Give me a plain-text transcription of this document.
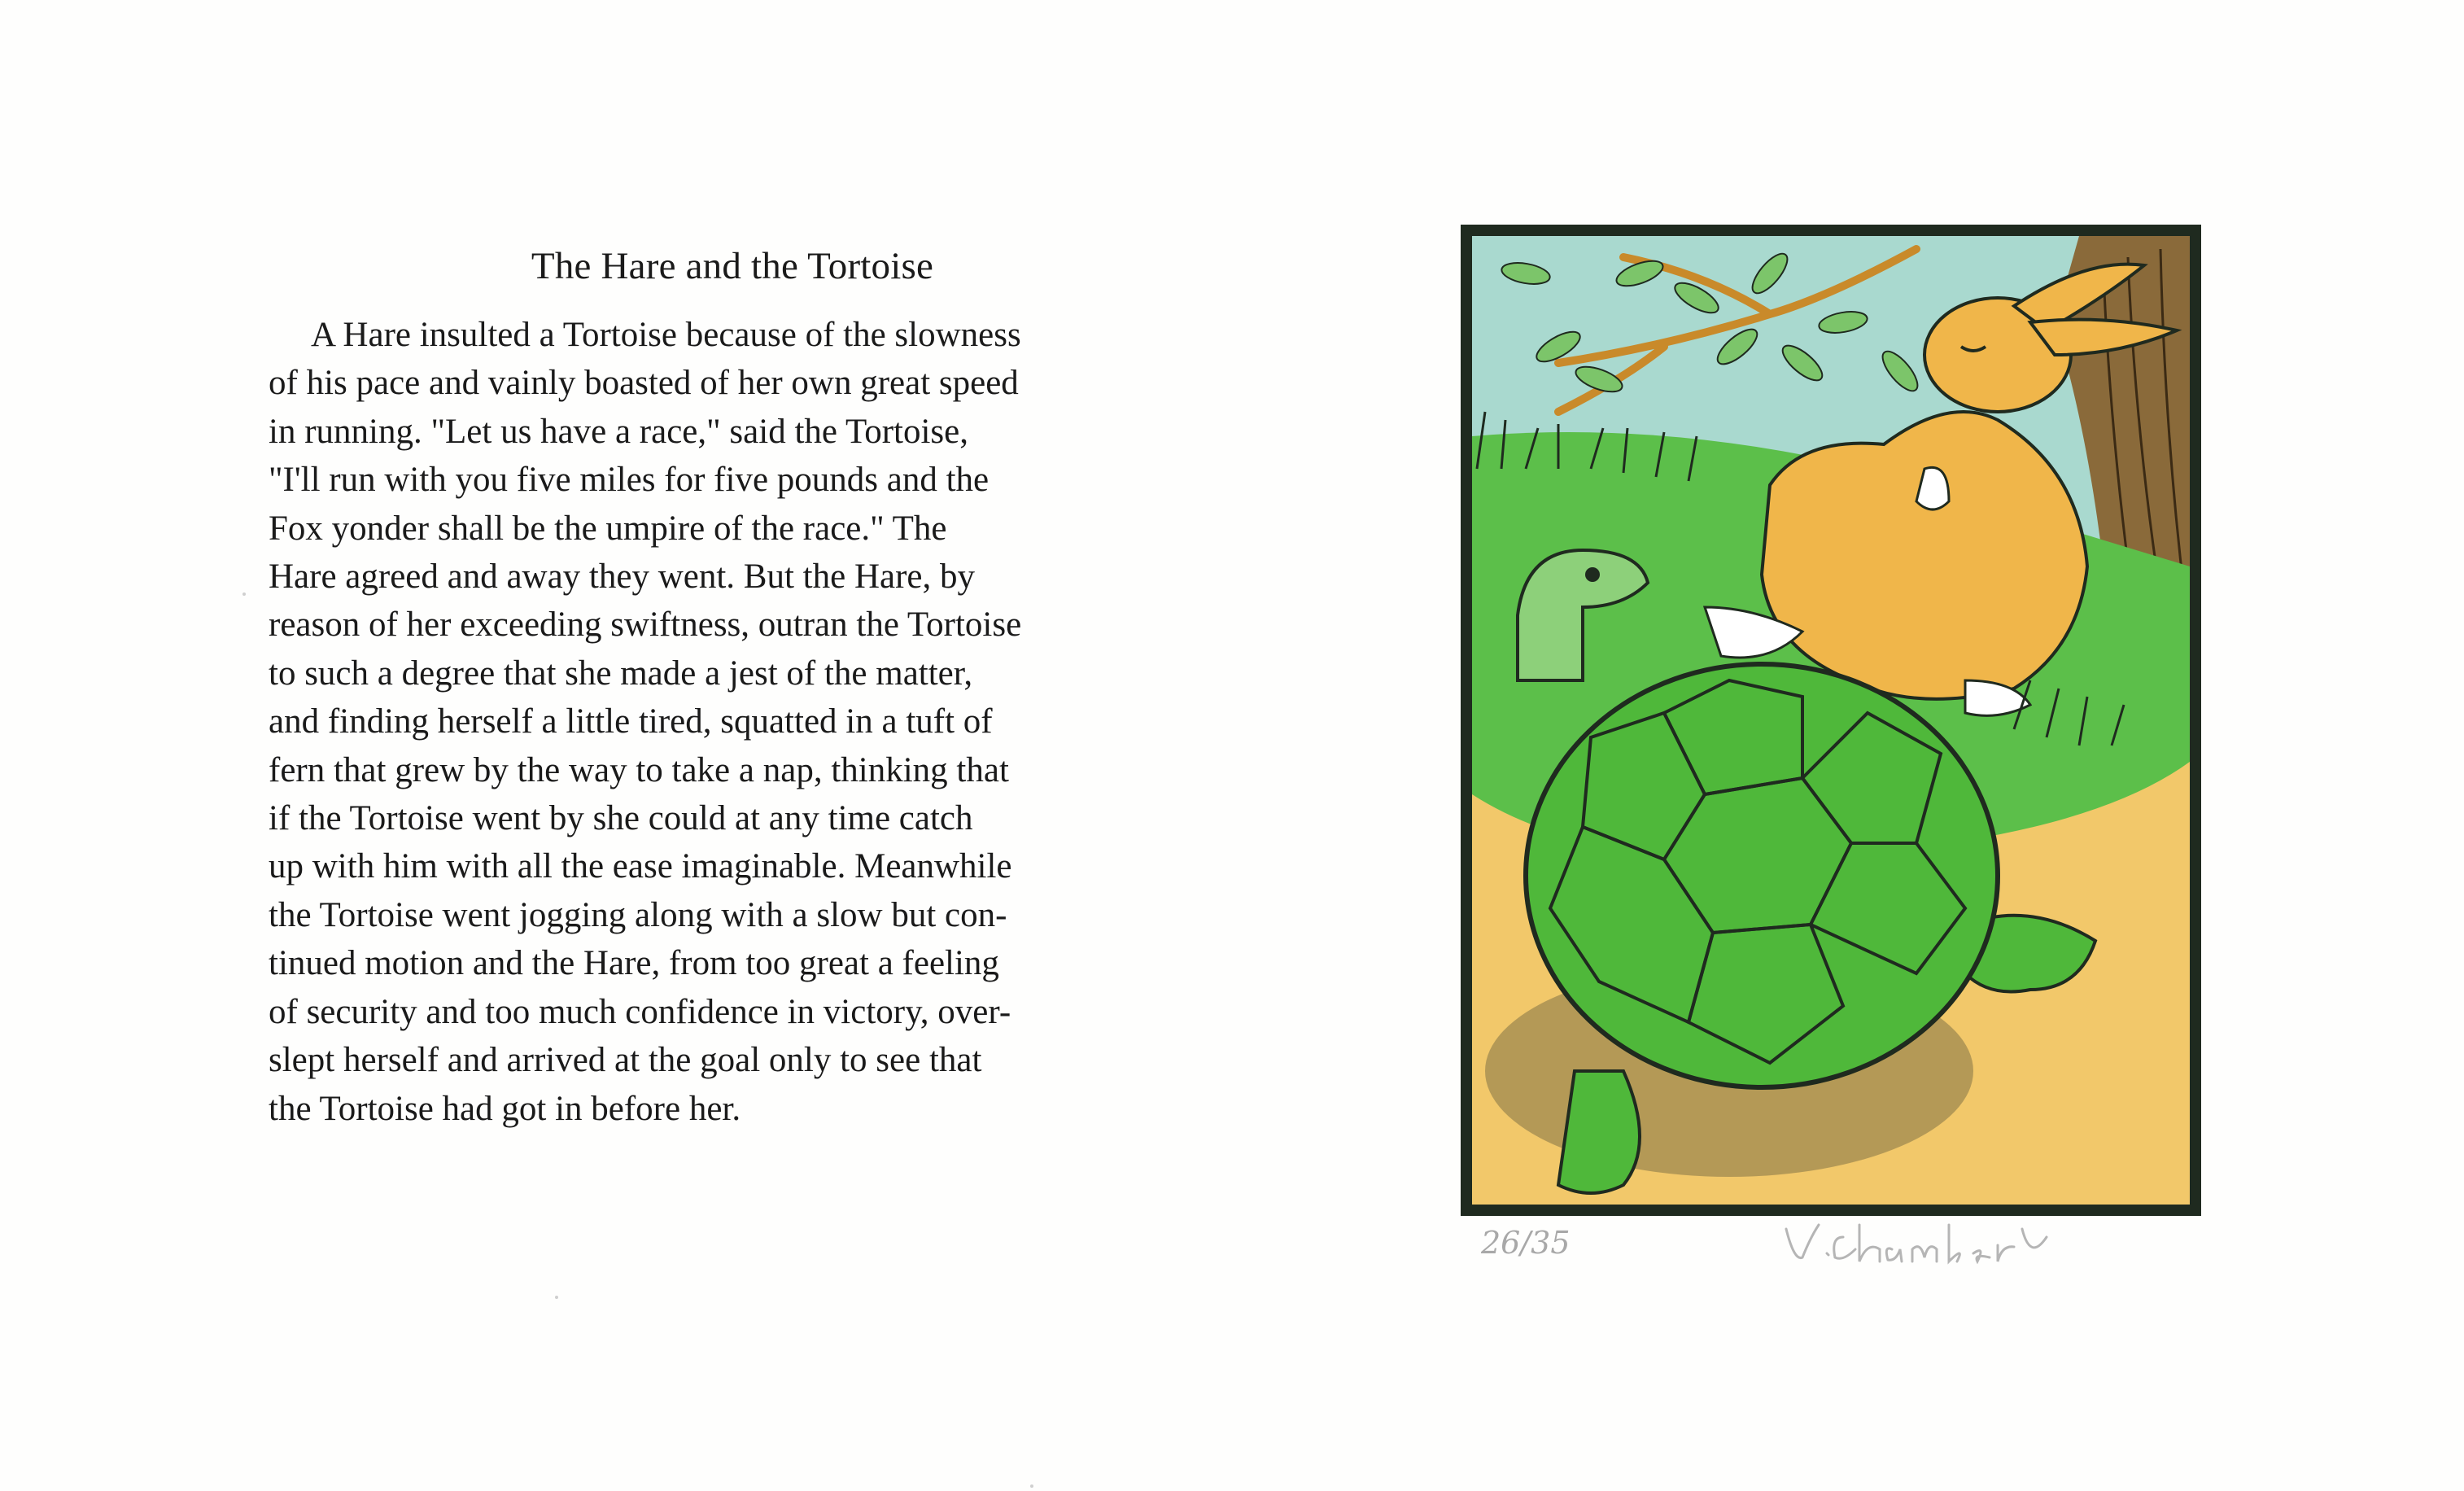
The Hare and the Tortoise
A Hare insulted a Tortoise because of the slowness
of his pace and vainly boasted of her own great speed
in running. "Let us have a race," said the Tortoise,
"I'll run with you five miles for five pounds and the
Fox yonder shall be the umpire of the race." The
Hare agreed and away they went. But the Hare, by
reason of her exceeding swiftness, outran the Tortoise
to such a degree that she made a jest of the matter,
and finding herself a little tired, squatted in a tuft of
fern that grew by the way to take a nap, thinking that
if the Tortoise went by she could at any time catch
up with him with all the ease imaginable. Meanwhile
the Tortoise went jogging along with a slow but con-
tinued motion and the Hare, from too great a feeling
of security and too much confidence in victory, over-
slept herself and arrived at the goal only to see that
the Tortoise had got in before her.
26/35
